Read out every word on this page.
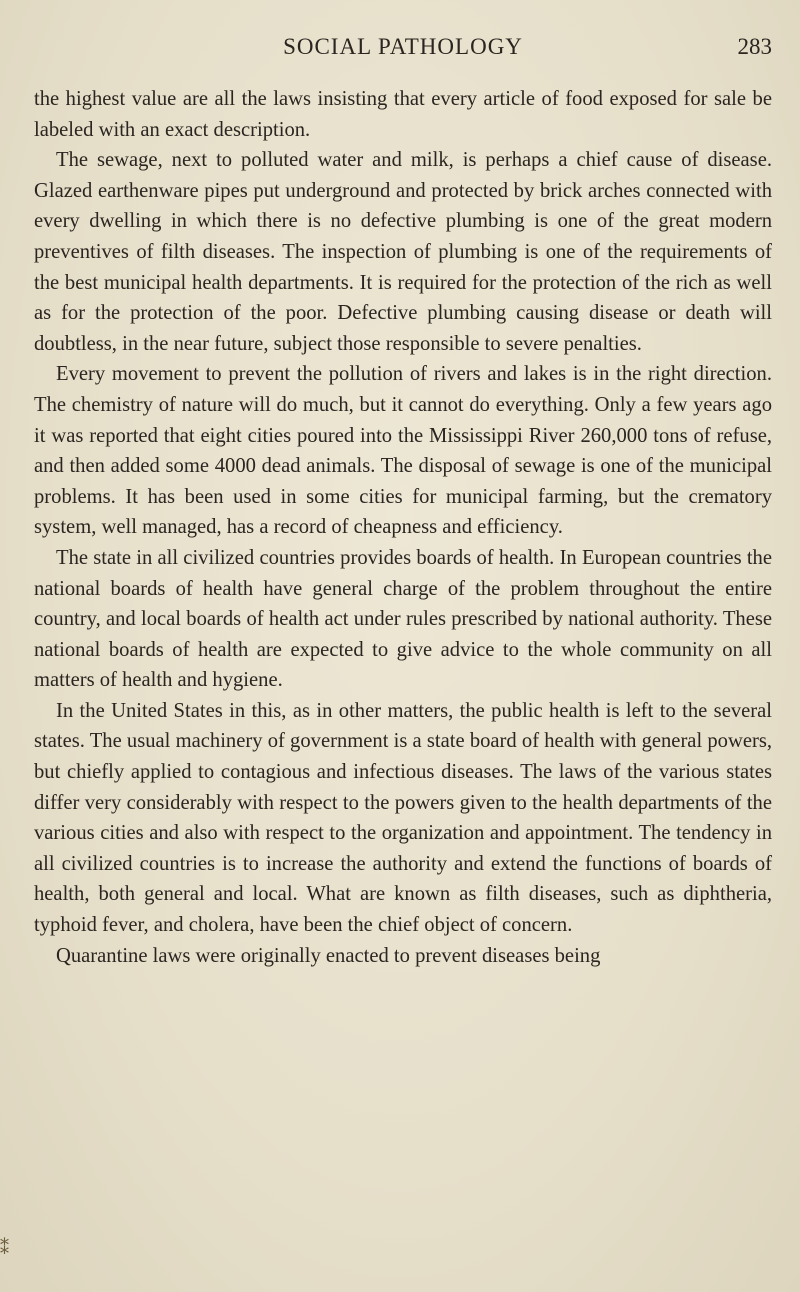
SOCIAL PATHOLOGY	283

the highest value are all the laws insisting that every article of food exposed for sale be labeled with an exact description.

The sewage, next to polluted water and milk, is perhaps a chief cause of disease. Glazed earthenware pipes put underground and protected by brick arches connected with every dwelling in which there is no defective plumbing is one of the great modern preventives of filth diseases. The inspection of plumbing is one of the requirements of the best municipal health departments. It is required for the protection of the rich as well as for the protection of the poor. Defective plumbing causing disease or death will doubtless, in the near future, subject those responsible to severe penalties.

Every movement to prevent the pollution of rivers and lakes is in the right direction. The chemistry of nature will do much, but it cannot do everything. Only a few years ago it was reported that eight cities poured into the Mississippi River 260,000 tons of refuse, and then added some 4000 dead animals. The disposal of sewage is one of the municipal problems. It has been used in some cities for municipal farming, but the crematory system, well managed, has a record of cheapness and efficiency.

The state in all civilized countries provides boards of health. In European countries the national boards of health have general charge of the problem throughout the entire country, and local boards of health act under rules prescribed by national authority. These national boards of health are expected to give advice to the whole community on all matters of health and hygiene.

In the United States in this, as in other matters, the public health is left to the several states. The usual machinery of government is a state board of health with general powers, but chiefly applied to contagious and infectious diseases. The laws of the various states differ very considerably with respect to the powers given to the health departments of the various cities and also with respect to the organization and appointment. The tendency in all civilized countries is to increase the authority and extend the functions of boards of health, both general and local. What are known as filth diseases, such as diphtheria, typhoid fever, and cholera, have been the chief object of concern.

Quarantine laws were originally enacted to prevent diseases being

⁑
